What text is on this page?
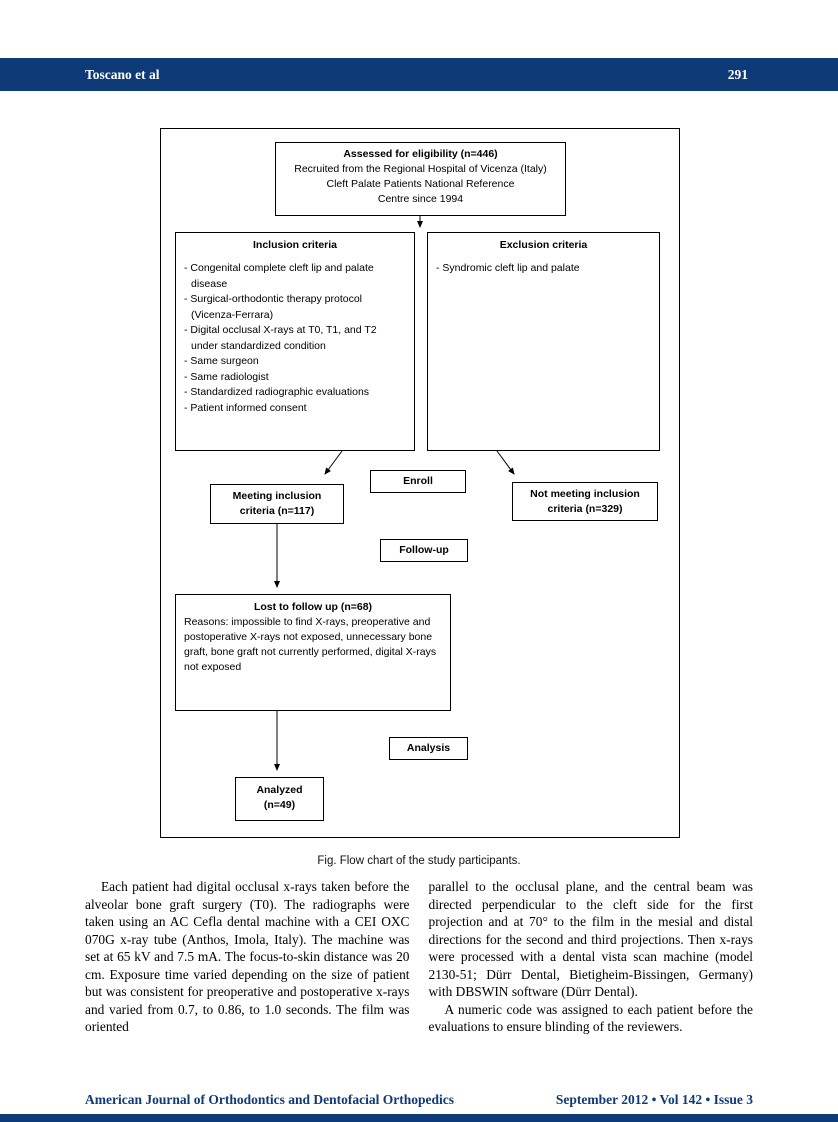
Toscano et al	291
Assessed for eligibility (n=446)
Recruited from the Regional Hospital of Vicenza (Italy)
Cleft Palate Patients National Reference
Centre since 1994
Inclusion criteria
- Congenital complete cleft lip and palate disease
- Surgical-orthodontic therapy protocol (Vicenza-Ferrara)
- Digital occlusal X-rays at T0, T1, and T2 under standardized condition
- Same surgeon
- Same radiologist
- Standardized radiographic evaluations
- Patient informed consent
Exclusion criteria
- Syndromic cleft lip and palate
Enroll
Meeting inclusion
criteria (n=117)
Not meeting inclusion
criteria (n=329)
Follow-up
Lost to follow up (n=68)
Reasons: impossible to find X-rays, preoperative and postoperative X-rays not exposed, unnecessary bone graft, bone graft not currently performed, digital X-rays not exposed
Analysis
Analyzed
(n=49)
Fig. Flow chart of the study participants.

Each patient had digital occlusal x-rays taken before the alveolar bone graft surgery (T0). The radiographs were taken using an AC Cefla dental machine with a CEI OXC 070G x-ray tube (Anthos, Imola, Italy). The machine was set at 65 kV and 7.5 mA. The focus-to-skin distance was 20 cm. Exposure time varied depending on the size of patient but was consistent for preoperative and postoperative x-rays and varied from 0.7, to 0.86, to 1.0 seconds. The film was oriented

parallel to the occlusal plane, and the central beam was directed perpendicular to the cleft side for the first projection and at 70° to the film in the mesial and distal directions for the second and third projections. Then x-rays were processed with a dental vista scan machine (model 2130-51; Dürr Dental, Bietigheim-Bissingen, Germany) with DBSWIN software (Dürr Dental).

A numeric code was assigned to each patient before the evaluations to ensure blinding of the reviewers.

American Journal of Orthodontics and Dentofacial Orthopedics	September 2012 • Vol 142 • Issue 3
